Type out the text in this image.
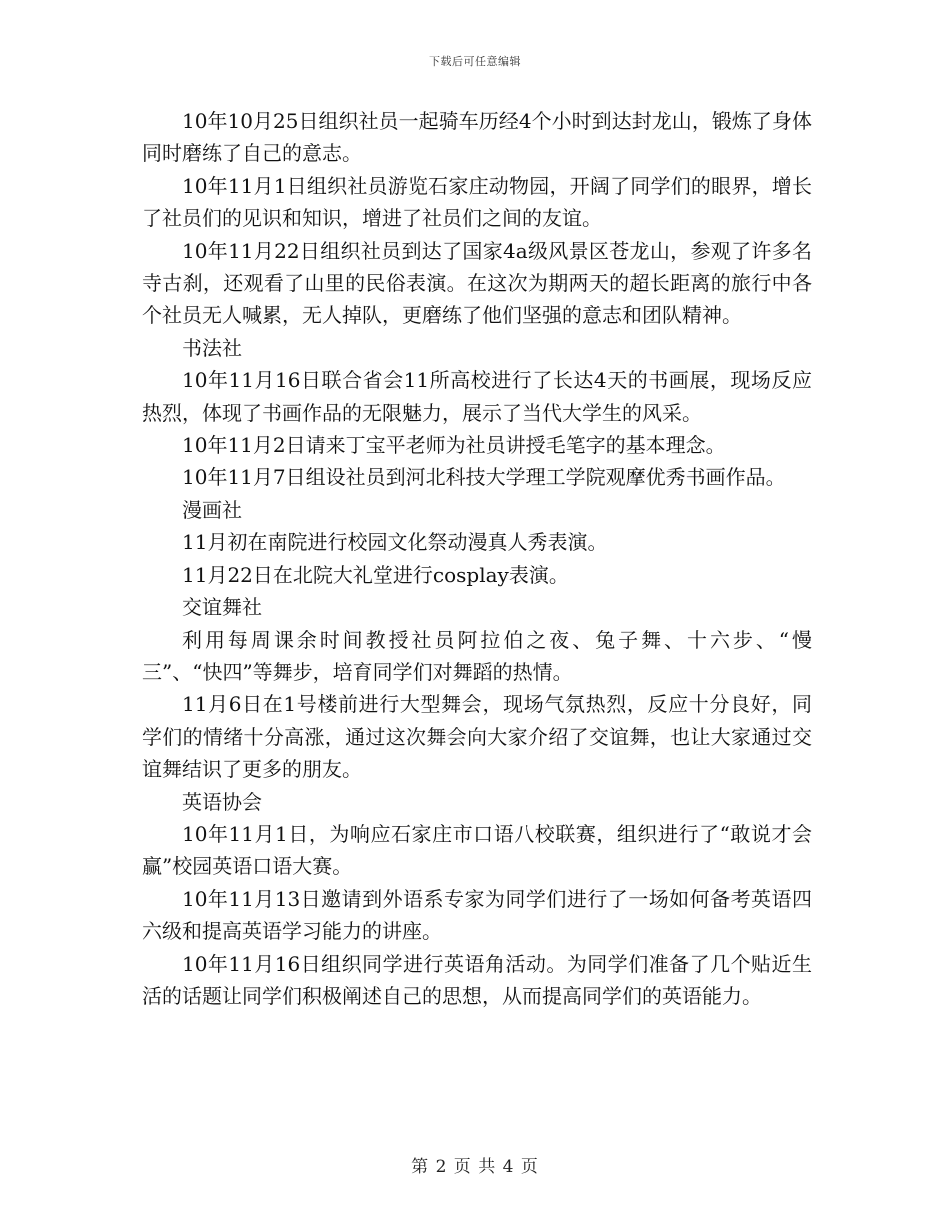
下载后可任意编辑

10年10月25日组织社员一起骑车历经4个小时到达封龙山，锻炼了身体同时磨练了自己的意志。

10年11月1日组织社员游览石家庄动物园，开阔了同学们的眼界，增长了社员们的见识和知识，增进了社员们之间的友谊。

10年11月22日组织社员到达了国家4a级风景区苍龙山，参观了许多名寺古刹，还观看了山里的民俗表演。在这次为期两天的超长距离的旅行中各个社员无人喊累，无人掉队，更磨练了他们坚强的意志和团队精神。

书法社

10年11月16日联合省会11所高校进行了长达4天的书画展，现场反应热烈，体现了书画作品的无限魅力，展示了当代大学生的风采。

10年11月2日请来丁宝平老师为社员讲授毛笔字的基本理念。

10年11月7日组设社员到河北科技大学理工学院观摩优秀书画作品。

漫画社

11月初在南院进行校园文化祭动漫真人秀表演。

11月22日在北院大礼堂进行cosplay表演。

交谊舞社

利用每周课余时间教授社员阿拉伯之夜、兔子舞、十六步、“慢三”、“快四”等舞步，培育同学们对舞蹈的热情。

11月6日在1号楼前进行大型舞会，现场气氛热烈，反应十分良好，同学们的情绪十分高涨，通过这次舞会向大家介绍了交谊舞，也让大家通过交谊舞结识了更多的朋友。

英语协会

10年11月1日，为响应石家庄市口语八校联赛，组织进行了“敢说才会赢”校园英语口语大赛。

10年11月13日邀请到外语系专家为同学们进行了一场如何备考英语四六级和提高英语学习能力的讲座。

10年11月16日组织同学进行英语角活动。为同学们准备了几个贴近生活的话题让同学们积极阐述自己的思想，从而提高同学们的英语能力。

第 2 页 共 4 页
